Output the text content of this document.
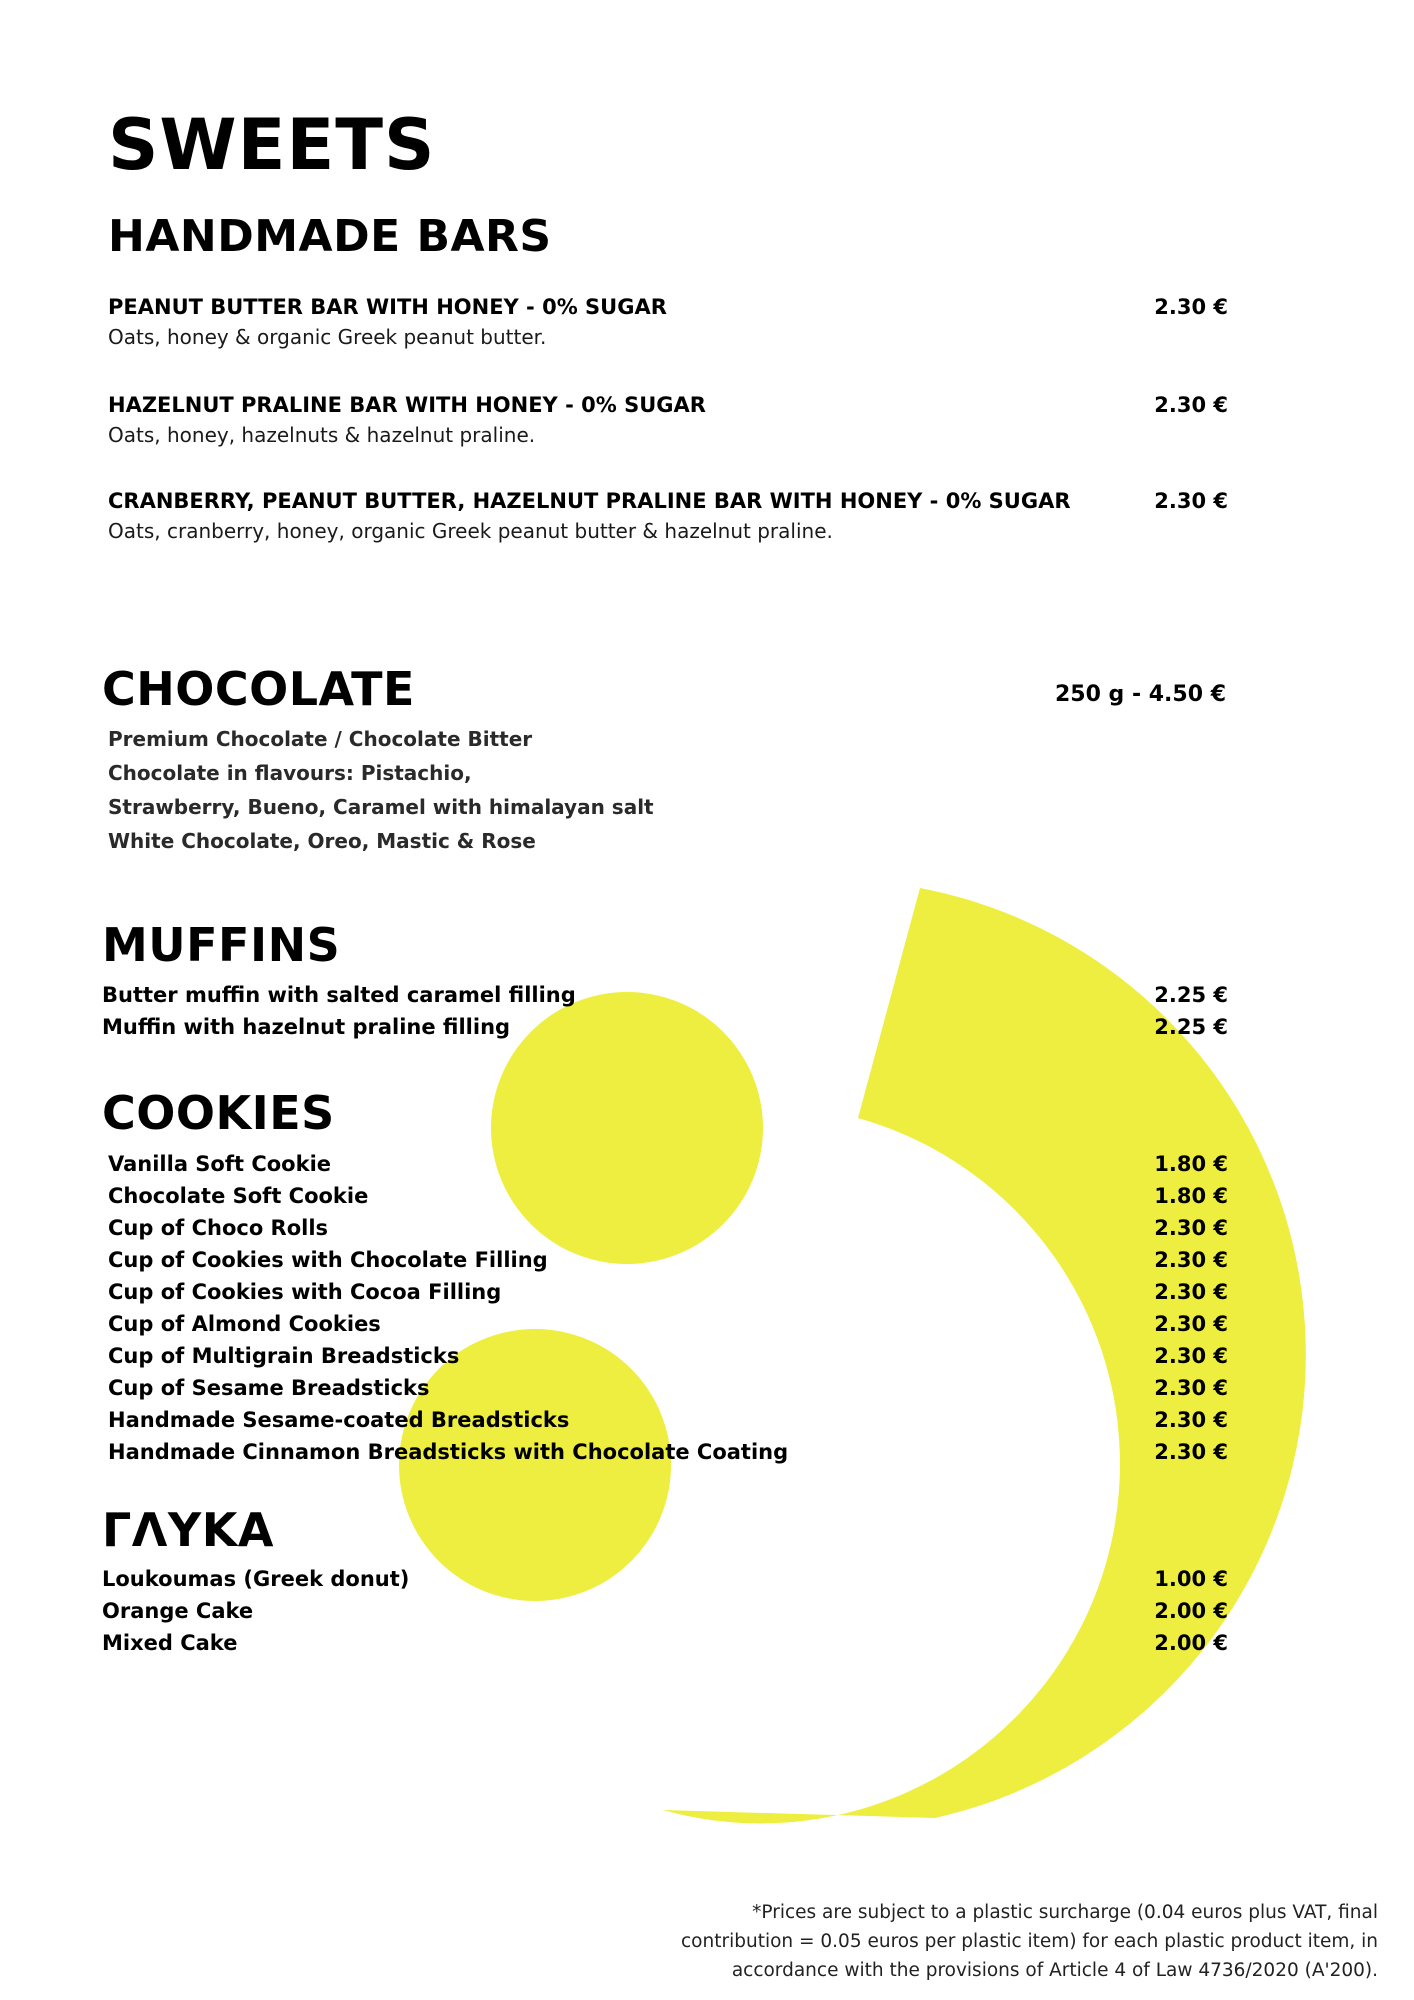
SWEETS
HANDMADE BARS
PEANUT BUTTER BAR WITH HONEY - 0% SUGAR
Oats, honey & organic Greek peanut butter.
2.30 €
HAZELNUT PRALINE BAR WITH HONEY - 0% SUGAR
Oats, honey, hazelnuts & hazelnut praline.
2.30 €
CRANBERRY, PEANUT BUTTER, HAZELNUT PRALINE BAR WITH HONEY - 0% SUGAR
Oats, cranberry, honey, organic Greek peanut butter & hazelnut praline.
2.30 €
CHOCOLATE	250 g - 4.50 €
Premium Chocolate / Chocolate Bitter
Chocolate in flavours: Pistachio,
Strawberry, Bueno, Caramel with himalayan salt
White Chocolate, Oreo, Mastic & Rose
MUFFINS
Butter muffin with salted caramel filling	2.25 €
Muffin with hazelnut praline filling	2.25 €
COOKIES
Vanilla Soft Cookie	1.80 €
Chocolate Soft Cookie	1.80 €
Cup of Choco Rolls	2.30 €
Cup of Cookies with Chocolate Filling	2.30 €
Cup of Cookies with Cocoa Filling	2.30 €
Cup of Almond Cookies	2.30 €
Cup of Multigrain Breadsticks	2.30 €
Cup of Sesame Breadsticks	2.30 €
Handmade Sesame-coated Breadsticks	2.30 €
Handmade Cinnamon Breadsticks with Chocolate Coating	2.30 €
ΓΛΥΚΑ
Loukoumas (Greek donut)	1.00 €
Orange Cake	2.00 €
Mixed Cake	2.00 €
*Prices are subject to a plastic surcharge (0.04 euros plus VAT, final
contribution = 0.05 euros per plastic item) for each plastic product item, in
accordance with the provisions of Article 4 of Law 4736/2020 (A'200).
